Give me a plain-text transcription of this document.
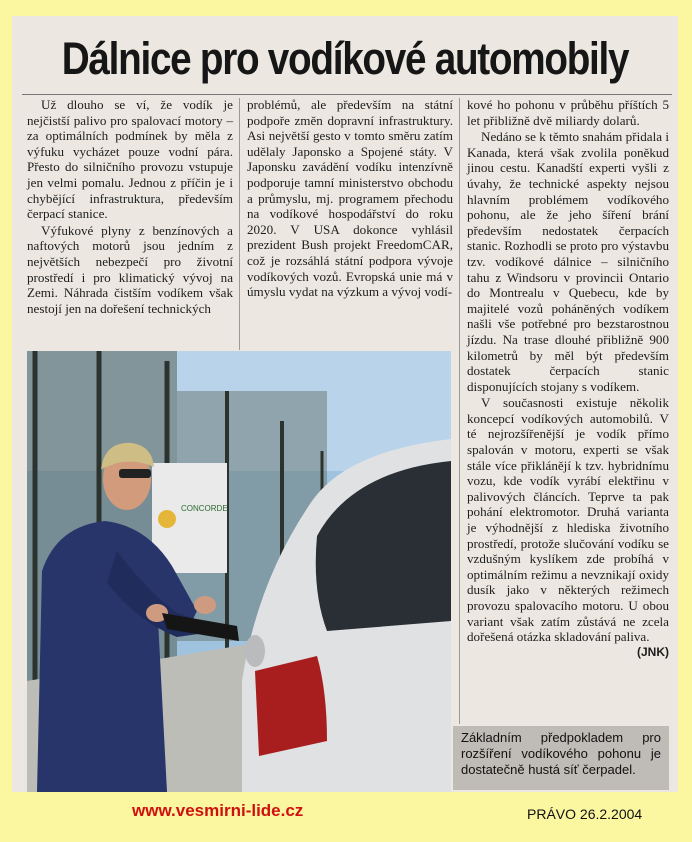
Dálnice pro vodíkové automobily

Už dlouho se ví, že vodík je nejčistší palivo pro spalovací motory – za optimálních podmínek by měla z výfuku vycházet pouze vodní pára. Přesto do silničního provozu vstupuje jen velmi pomalu. Jednou z příčin je i chybějící infrastruktura, především čerpací stanice.

Výfukové plyny z benzínových a naftových motorů jsou jedním z největších nebezpečí pro životní prostředí i pro klimatický vývoj na Zemi. Náhrada čistším vodíkem však nestojí jen na dořešení technických

problémů, ale především na státní podpoře změn dopravní infrastruktury. Asi největší gesto v tomto směru zatím udělaly Japonsko a Spojené státy. V Japonsku zavádění vodíku intenzívně podporuje tamní ministerstvo obchodu a průmyslu, mj. programem přechodu na vodíkové hospodářství do roku 2020. V USA dokonce vyhlásil prezident Bush projekt FreedomCAR, což je rozsáhlá státní podpora vývoje vodíkových vozů. Evropská unie má v úmyslu vydat na výzkum a vývoj vodí-

kové ho pohonu v průběhu příštích 5 let přibližně dvě miliardy dolarů.

Nedáno se k těmto snahám přidala i Kanada, která však zvolila poněkud jinou cestu. Kanadští experti vyšli z úvahy, že technické aspekty nejsou hlavním problémem vodíkového pohonu, ale že jeho šíření brání především nedostatek čerpacích stanic. Rozhodli se proto pro výstavbu tzv. vodíkové dálnice – silničního tahu z Windsoru v provincii Ontario do Montrealu v Quebecu, kde by majitelé vozů poháněných vodíkem našli vše potřebné pro bezstarostnou jízdu. Na trase dlouhé přibližně 900 kilometrů by měl být především dostatek čerpacích stanic disponujících stojany s vodíkem.

V současnosti existuje několik koncepcí vodíkových automobilů. V té nejrozšířenější je vodík přímo spalován v motoru, experti se však stále více přiklánějí k tzv. hybridnímu vozu, kde vodík vyrábí elektřinu v palivových článcích. Teprve ta pak pohání elektromotor. Druhá varianta je výhodnější z hlediska životního prostředí, protože slučování vodíku se vzdušným kyslíkem zde probíhá v optimálním režimu a nevznikají oxidy dusík jako v některých režimech provozu spalovacího motoru. U obou variant však zatím zůstává ne zcela dořešená otázka skladování paliva.
(JNK)

CONCORDE
Základním předpokladem pro rozšíření vodíkového pohonu je dostatečně hustá síť čerpadel.
www.vesmirni-lide.cz	PRÁVO 26.2.2004
